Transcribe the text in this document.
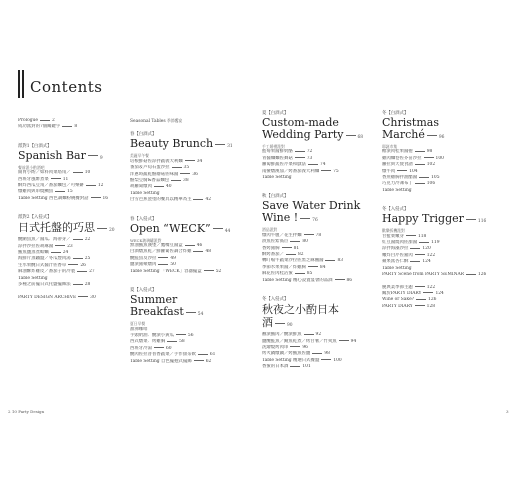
Contents
Prologue	2
成功派對的7個關鍵字	8
派對1【白酒式】
Spanish Bar	9
餐前派小酌酒吧
開胃小酌／如料肉菜塔角／	10
西班牙風酢煮菜	11
酥炸西瓜豆角／番茄麵包／可樂餅	12
燉雞肉與串燒鯛魚	15
Table Setting 西色調麵粉碗餐對話	16
派對2【入侵式】
日式托盤的巧思	20
醃鯖魚魚／醬瓜．海帶芽／	22
涼拌沙拉佐胡麻醬	23
鮪魚鹽蒸煮蛤蠣	24
海鮮片蒸鐵盤／冬瓜豐肉湯	25
生水果醃日式醬汁佐香草	26
麻油酥炸雞皮／番茄子的冷製	27
Table Setting
多種之前擺日式托盤擺飾法	28
PARTY DESIGN ARCHIVE	30
Seasonal Tables 季節饗宴
春【白酒式】
Beauty Brunch	31
美麗早午餐
培根鮮菇佐涼拌蔬義大利麵	34
番茄＆芦筍石蛋沙拉	35
洋蔥時蔬乾酪蘑菇佐味醬	36
酪梨豆腐&香蒜麵包	38
胡蘿蔔燉肉	40
Table Setting
白雪芭蕉瓷塗的餐具以精華為主	42
春【入侵式】
Open “WECK”	44
WECK玻璃罐派對
無油鮪魚漢堡／鷹嘴豆醬盒	46
白酒燉魚乾／鮮蘿蔔佐調合炸雞	48
醃鮭魚及沙拉	49
鹽漬豬頰燉肉	50
Table Setting 「WECK」容器擺盒	52
夏【入侵式】
Summer Breakfast	54
夏日早餐
甜沸咖啡
芋頭奶油．醃漬小黃瓜	56
西式燉菜．烤雞胸	58
西班牙冷湯	60
醃肉佐拉普普香蔬菜／手作甜茶飲	61
Table Setting 自色擺抱式擺飾	62
夏【白酒式】
Custom-made Wedding Party	68
手工婚禮派對
藍莓果醬鮮奶酪	72
青醬麵麵佐舞菇	73
蘿蔔鮮蔬佐芹菜和戲法	74
南蠻燉漢茄／烤番茄義大利麵	75
Table Setting
秋【白酒式】
Save Water Drink Wine !	76
酒品派對
燉肉牛腹／花生拌麵	78
漬魚佐紫萵苣	80
香烤豬胸	81
酥烤番茄／	82
轉叮噹牛蔬菜沙拉佐黑芝麻蘸醬	83
季節水果果醬／炸雞胸	84
麻花佐肉桂沾蜜	85
Table Setting 精心設置宴會的品酒	86
冬【入侵式】
秋夜之小酌日本酒	90
蘸漬鮪肉／醃漬鮮魚	92
鹽醃鮭魚／鯖魚乾煮／烤甘薯／竹筴魚	94
洗燴燒烤肉串	96
烤火鍋燉鍋／烤鮪魚佐鹽	98
Table Setting 精選日式餐盤	100
香蜜的日本酒	101
冬【白酒式】
Christmas Marché	96
耶誕市集
糖漬肉桂果醬捲	98
雞肉麵卷佐芥苗沙拉	100
蘿拉與天使食譜	102
燉牛肉	104
香煎雞胸拌油醋醬	105
巧克力冷凍布丁	106
Table Setting
冬【入侵式】
Happy Trigger	116
歡樂扳機派對
甘藍菜嫩芽	118
紅豆醬燒肉佐甜醬	119
涼拌海藻沙拉	120
嫩炸白芹佐豬肉	122
蘋果派杏仁酥	124
Table Setting
PARTY Scene from PARTY SEMINAR	126
慶典業季節主題	122
關於PARTY DIARY	124
Wine or Sake?	126
PARTY DIARY	128
2 10 Party Design	3
